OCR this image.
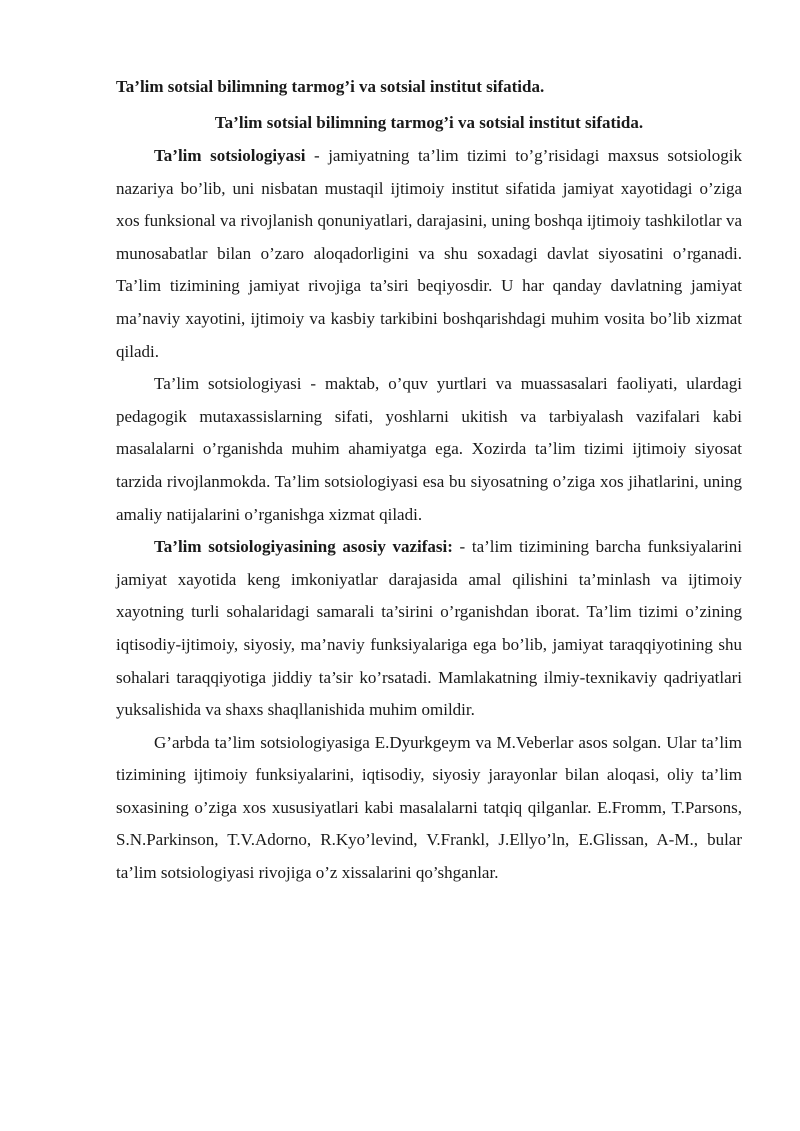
Ta’lim sotsial bilimning tarmog’i va sotsial institut sifatida.
Ta’lim sotsial bilimning tarmog’i va sotsial institut sifatida.

Ta’lim sotsiologiyasi - jamiyatning ta’lim tizimi to’g’risidagi maxsus sotsiologik nazariya bo’lib, uni nisbatan mustaqil ijtimoiy institut sifatida jamiyat xayotidagi o’ziga xos funksional va rivojlanish qonuniyatlari, darajasini, uning boshqa ijtimoiy tashkilotlar va munosabatlar bilan o’zaro aloqadorligini va shu soxadagi davlat siyosatini o’rganadi. Ta’lim tizimining jamiyat rivojiga ta’siri beqiyosdir. U har qanday davlatning jamiyat ma’naviy xayotini, ijtimoiy va kasbiy tarkibini boshqarishdagi muhim vosita bo’lib xizmat qiladi.

Ta’lim sotsiologiyasi - maktab, o’quv yurtlari va muassasalari faoliyati, ulardagi pedagogik mutaxassislarning sifati, yoshlarni ukitish va tarbiyalash vazifalari kabi masalalarni o’rganishda muhim ahamiyatga ega. Xozirda ta’lim tizimi ijtimoiy siyosat tarzida rivojlanmokda. Ta’lim sotsiologiyasi esa bu siyosatning o’ziga xos jihatlarini, uning amaliy natijalarini o’rganishga xizmat qiladi.

Ta’lim sotsiologiyasining asosiy vazifasi: - ta’lim tizimining barcha funksiyalarini jamiyat xayotida keng imkoniyatlar darajasida amal qilishini ta’minlash va ijtimoiy xayotning turli sohalaridagi samarali ta’sirini o’rganishdan iborat. Ta’lim tizimi o’zining iqtisodiy-ijtimoiy, siyosiy, ma’naviy funksiyalariga ega bo’lib, jamiyat taraqqiyotining shu sohalari taraqqiyotiga jiddiy ta’sir ko’rsatadi. Mamlakatning ilmiy-texnikaviy qadriyatlari yuksalishida va shaxs shaqllanishida muhim omildir.

G’arbda ta’lim sotsiologiyasiga E.Dyurkgeym va M.Veberlar asos solgan. Ular ta’lim tizimining ijtimoiy funksiyalarini, iqtisodiy, siyosiy jarayonlar bilan aloqasi, oliy ta’lim soxasining o’ziga xos xususiyatlari kabi masalalarni tatqiq qilganlar. E.Fromm, T.Parsons, S.N.Parkinson, T.V.Adorno, R.Kyo’levind, V.Frankl, J.Ellyo’ln, E.Glissan, A-M., bular ta’lim sotsiologiyasi rivojiga o’z xissalarini qo’shganlar.
